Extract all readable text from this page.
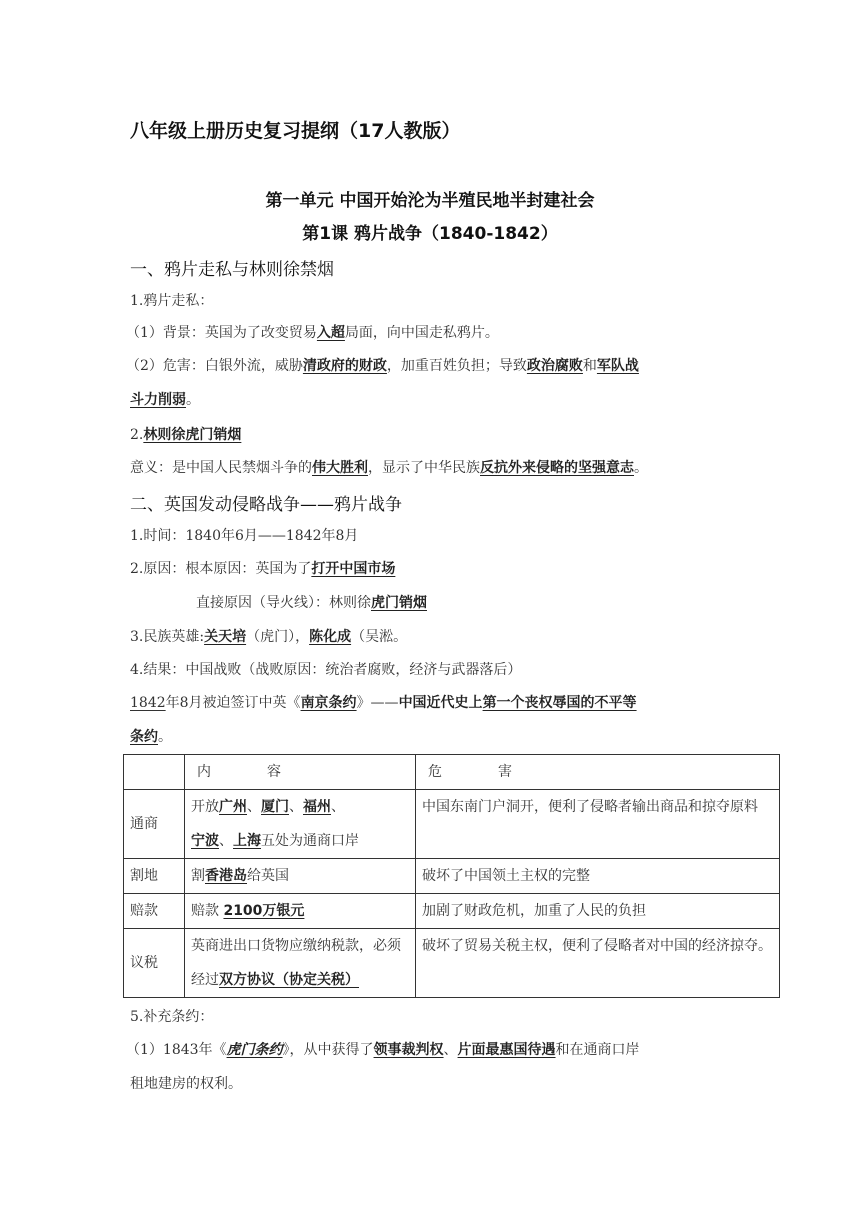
八年级上册历史复习提纲（17人教版）
第一单元 中国开始沦为半殖民地半封建社会
第1课 鸦片战争（1840-1842）
一、鸦片走私与林则徐禁烟
1.鸦片走私：
（1）背景：英国为了改变贸易入超局面，向中国走私鸦片。
（2）危害：白银外流，威胁清政府的财政，加重百姓负担；导致政治腐败和军队战
斗力削弱。
2.林则徐虎门销烟
意义：是中国人民禁烟斗争的伟大胜利，显示了中华民族反抗外来侵略的坚强意志。
二、英国发动侵略战争——鸦片战争
1.时间：1840年6月——1842年8月
2.原因：根本原因：英国为了打开中国市场
直接原因（导火线）：林则徐虎门销烟
3.民族英雄:关天培（虎门），陈化成（吴淞。
4.结果：中国战败（战败原因：统治者腐败，经济与武器落后）
1842年8月被迫签订中英《南京条约》——中国近代史上第一个丧权辱国的不平等
条约。
	内　　　　容	危　　　　害
通商	开放广州、厦门、福州、
宁波、上海五处为通商口岸	中国东南门户洞开，便利了侵略者输出商品和掠夺原料
割地	割香港岛给英国	破坏了中国领土主权的完整
赔款	赔款 2100万银元	加剧了财政危机，加重了人民的负担
议税	英商进出口货物应缴纳税款，必须经过双方协议（协定关税）	破坏了贸易关税主权，便利了侵略者对中国的经济掠夺。
5.补充条约：
（1）1843年《虎门条约》，从中获得了领事裁判权、片面最惠国待遇和在通商口岸
租地建房的权利。
